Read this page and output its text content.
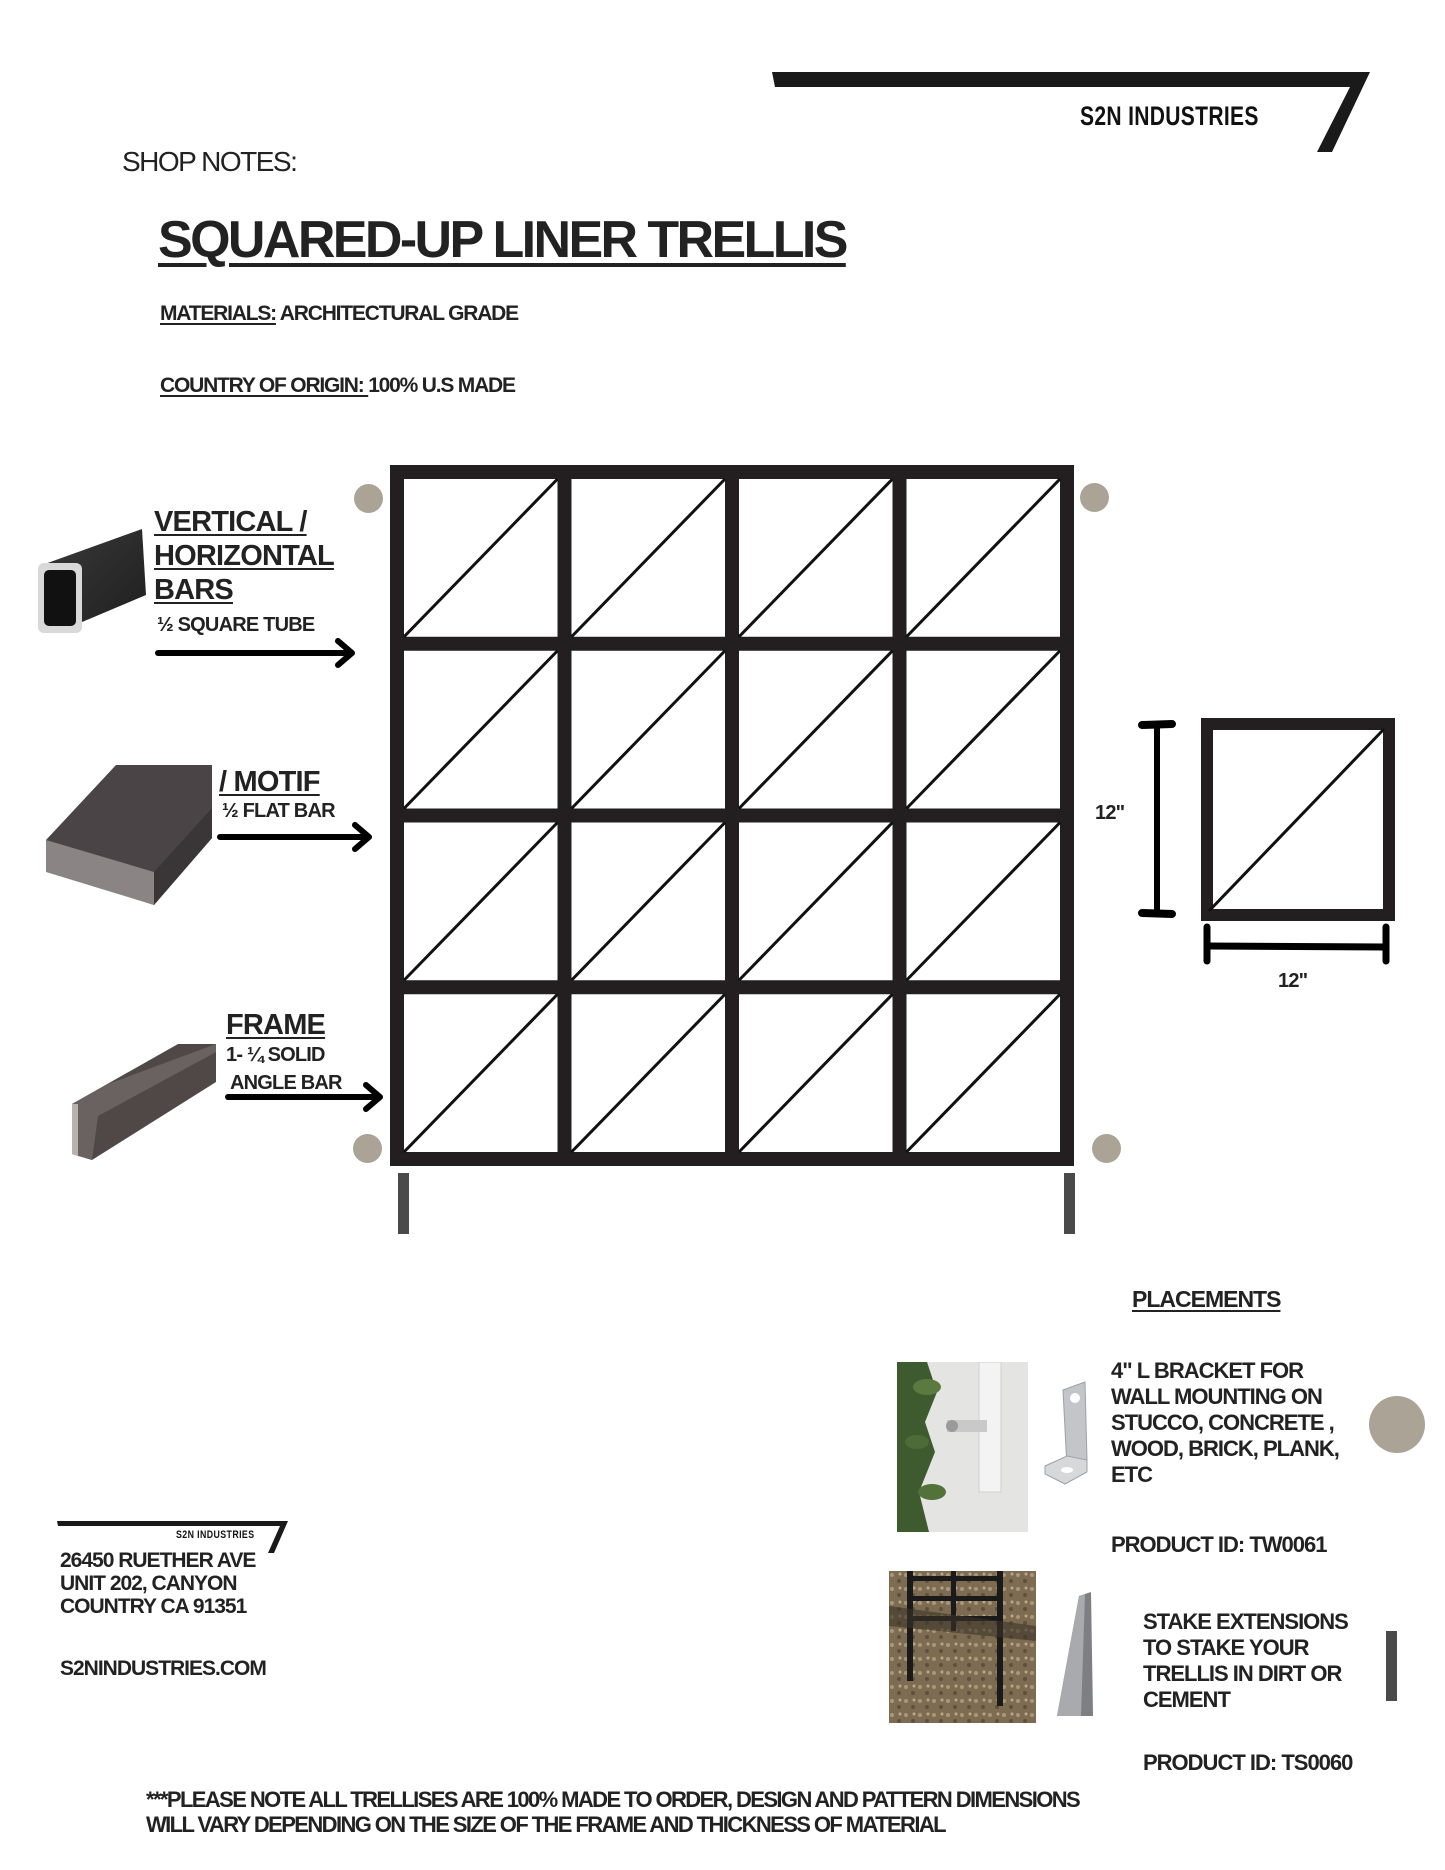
S2N INDUSTRIES
SHOP NOTES:
SQUARED-UP LINER TRELLIS
MATERIALS: ARCHITECTURAL GRADE
COUNTRY OF ORIGIN: 100% U.S MADE
VERTICAL /
HORIZONTAL
BARS
½ SQUARE TUBE
/ MOTIF
½ FLAT BAR
FRAME
1- ¼ SOLID
ANGLE BAR
12"
12"
PLACEMENTS
4" L BRACKET FOR
WALL MOUNTING ON
STUCCO, CONCRETE ,
WOOD, BRICK, PLANK,
ETC
PRODUCT ID: TW0061
STAKE EXTENSIONS
TO STAKE YOUR
TRELLIS IN DIRT OR
CEMENT
PRODUCT ID: TS0060
S2N INDUSTRIES
26450 RUETHER AVE
UNIT 202, CANYON
COUNTRY CA 91351
S2NINDUSTRIES.COM
***PLEASE NOTE ALL TRELLISES ARE 100% MADE TO ORDER, DESIGN AND PATTERN DIMENSIONS
WILL VARY DEPENDING ON THE SIZE OF THE FRAME AND THICKNESS OF MATERIAL
